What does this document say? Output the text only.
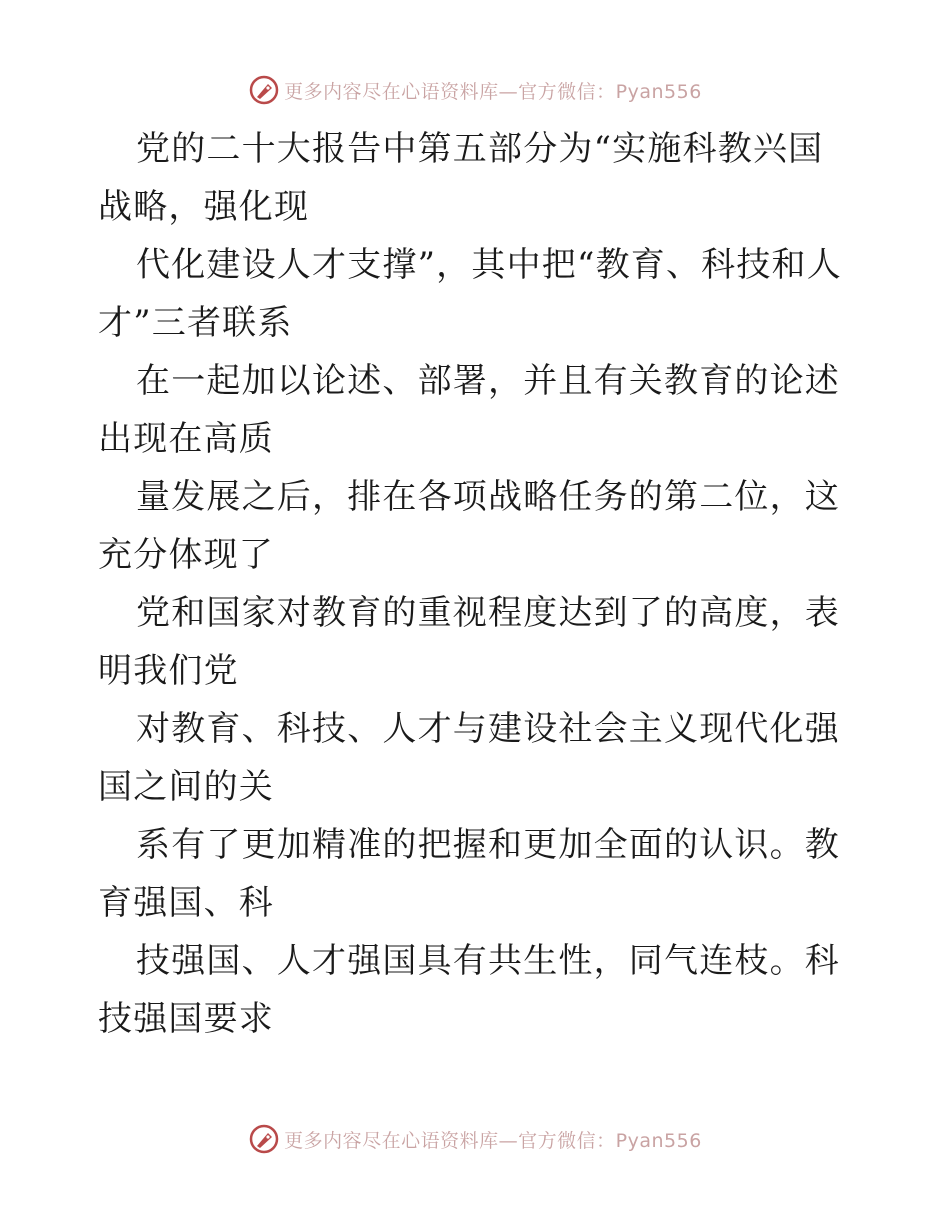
更多内容尽在心语资料库—官方微信：Pyan556

党的二十大报告中第五部分为“实施科教兴国战略，强化现

代化建设人才支撑”，其中把“教育、科技和人才”三者联系

在一起加以论述、部署，并且有关教育的论述出现在高质

量发展之后，排在各项战略任务的第二位，这充分体现了

党和国家对教育的重视程度达到了的高度，表明我们党

对教育、科技、人才与建设社会主义现代化强国之间的关

系有了更加精准的把握和更加全面的认识。教育强国、科

技强国、人才强国具有共生性，同气连枝。科技强国要求

更多内容尽在心语资料库—官方微信：Pyan556
